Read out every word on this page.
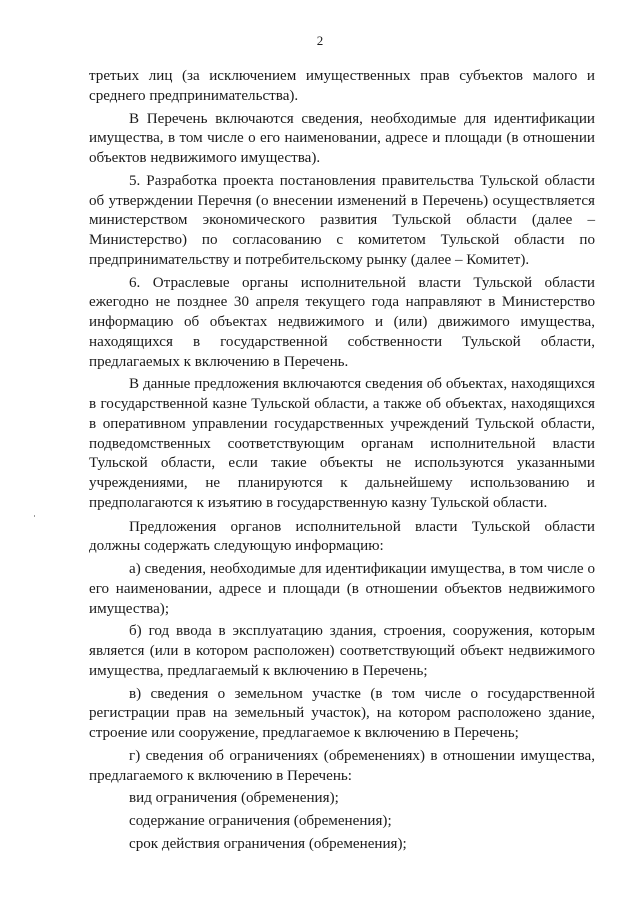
2

третьих лиц (за исключением имущественных прав субъектов малого и среднего предпринимательства).

В Перечень включаются сведения, необходимые для идентификации имущества, в том числе о его наименовании, адресе и площади (в отношении объектов недвижимого имущества).

5. Разработка проекта постановления правительства Тульской области об утверждении Перечня (о внесении изменений в Перечень) осуществляется министерством экономического развития Тульской области (далее – Министерство) по согласованию с комитетом Тульской области по предпринимательству и потребительскому рынку (далее – Комитет).

6. Отраслевые органы исполнительной власти Тульской области ежегодно не позднее 30 апреля текущего года направляют в Министерство информацию об объектах недвижимого и (или) движимого имущества, находящихся в государственной собственности Тульской области, предлагаемых к включению в Перечень.

В данные предложения включаются сведения об объектах, находящихся в государственной казне Тульской области, а также об объектах, находящихся в оперативном управлении государственных учреждений Тульской области, подведомственных соответствующим органам исполнительной власти Тульской области, если такие объекты не используются указанными учреждениями, не планируются к дальнейшему использованию и предполагаются к изъятию в государственную казну Тульской области.

Предложения органов исполнительной власти Тульской области должны содержать следующую информацию:

а) сведения, необходимые для идентификации имущества, в том числе о его наименовании, адресе и площади (в отношении объектов недвижимого имущества);

б) год ввода в эксплуатацию здания, строения, сооружения, которым является (или в котором расположен) соответствующий объект недвижимого имущества, предлагаемый к включению в Перечень;

в) сведения о земельном участке (в том числе о государственной регистрации прав на земельный участок), на котором расположено здание, строение или сооружение, предлагаемое к включению в Перечень;

г) сведения об ограничениях (обременениях) в отношении имущества, предлагаемого к включению в Перечень:

вид ограничения (обременения);

содержание ограничения (обременения);

срок действия ограничения (обременения);
